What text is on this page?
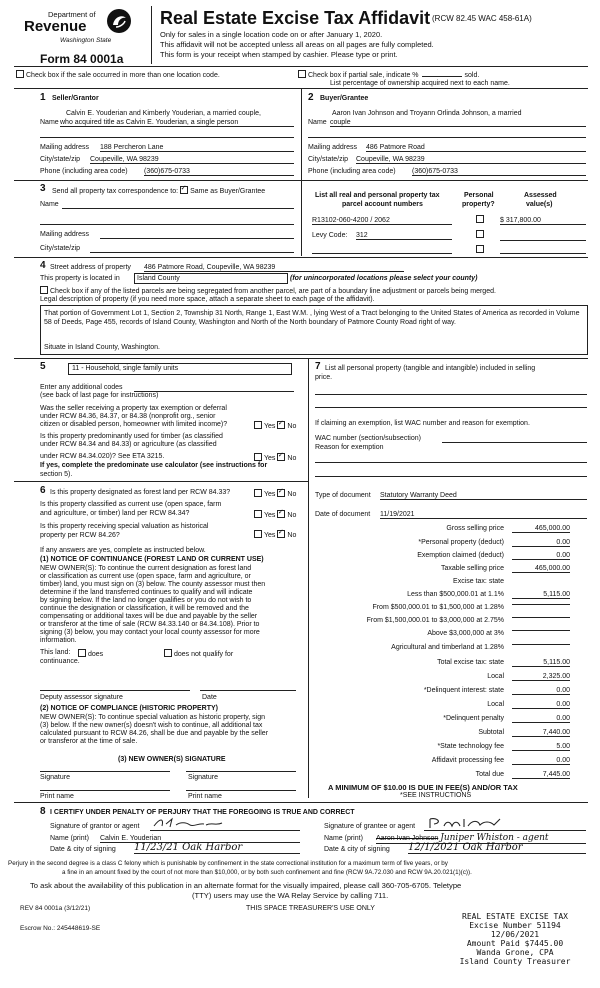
Department of
Revenue
Washington State
Form 84 0001a
Real Estate Excise Tax Affidavit (RCW 82.45 WAC 458-61A)
Only for sales in a single location code on or after January 1, 2020.
This affidavit will not be accepted unless all areas on all pages are fully completed.
This form is your receipt when stamped by cashier. Please type or print.
Check box if the sale occurred in more than one location code.	Check box if partial sale, indicate %	sold.
List percentage of ownership acquired next to each name.
1 Seller/Grantor
Calvin E. Youderian and Kimberly Youderian, a married couple,
Name who acquired title as Calvin E. Youderian, a single person
Mailing address 188 Percheron Lane
City/state/zip Coupeville, WA 98239
Phone (including area code) (360)675-0733
2 Buyer/Grantee
Aaron Ivan Johnson and Troyann Orlinda Johnson, a married
Name couple
Mailing address 486 Patmore Road
City/state/zip Coupeville, WA 98239
Phone (including area code) (360)675-0733
3 Send all property tax correspondence to: ✓ Same as Buyer/Grantee
Name
Mailing address
City/state/zip
List all real and personal property tax
parcel account numbers
Personal
property?
Assessed
value(s)
R13102-060-4200 / 2062	$ 317,800.00
Levy Code: 312
4 Street address of property 486 Patmore Road, Coupeville, WA 98239
This property is located in Island County	(for unincorporated locations please select your county)
Check box if any of the listed parcels are being segregated from another parcel, are part of a boundary line adjustment or parcels being merged.
Legal description of property (if you need more space, attach a separate sheet to each page of the affidavit).
That portion of Government Lot 1, Section 2, Township 31 North, Range 1, East W.M. , lying West of a Tract belonging to the United States of America as recorded in Volume 58 of Deeds, Page 455, records of Island County, Washington and North of the North boundary of Patmore County Road right of way.
Situate in Island County, Washington.
5	11 - Household, single family units
Enter any additional codes
(see back of last page for instructions)
Was the seller receiving a property tax exemption or deferral
under RCW 84.36, 84.37, or 84.38 (nonprofit org., senior
citizen or disabled person, homeowner with limited income)?	Yes ✓ No
Is this property predominantly used for timber (as classified
under RCW 84.34 and 84.33) or agriculture (as classified
under RCW 84.34.020)? See ETA 3215.	Yes ✓ No
If yes, complete the predominate use calculator (see instructions for
section 5).
7 List all personal property (tangible and intangible) included in selling
price.
If claiming an exemption, list WAC number and reason for exemption.
WAC number (section/subsection)
Reason for exemption
Type of document Statutory Warranty Deed
Date of document 11/19/2021
Gross selling price	465,000.00
*Personal property (deduct)	0.00
Exemption claimed (deduct)	0.00
Taxable selling price	465,000.00
Excise tax: state
Less than $500,000.01 at 1.1%	5,115.00
From $500,000.01 to $1,500,000 at 1.28%
From $1,500,000.01 to $3,000,000 at 2.75%
Above $3,000,000 at 3%
Agricultural and timberland at 1.28%
Total excise tax: state	5,115.00
Local	2,325.00
*Delinquent interest: state	0.00
Local	0.00
*Delinquent penalty	0.00
Subtotal	7,440.00
*State technology fee	5.00
Affidavit processing fee	0.00
Total due	7,445.00
A MINIMUM OF $10.00 IS DUE IN FEE(S) AND/OR TAX
*SEE INSTRUCTIONS
6 Is this property designated as forest land per RCW 84.33?	Yes ✓ No
Is this property classified as current use (open space, farm
and agriculture, or timber) land per RCW 84.34?	Yes ✓ No
Is this property receiving special valuation as historical
property per RCW 84.26?	Yes ✓ No
If any answers are yes, complete as instructed below.
(1) NOTICE OF CONTINUANCE (FOREST LAND OR CURRENT USE)
NEW OWNER(S): To continue the current designation as forest land
or classification as current use (open space, farm and agriculture, or
timber) land, you must sign on (3) below. The county assessor must then
determine if the land transferred continues to qualify and will indicate
by signing below. If the land no longer qualifies or you do not wish to
continue the designation or classification, it will be removed and the
compensating or additional taxes will be due and payable by the seller
or transferor at the time of sale (RCW 84.33.140 or 84.34.108). Prior to
signing (3) below, you may contact your local county assessor for more
information.
This land:	does	does not qualify for
continuance.
Deputy assessor signature	Date
(2) NOTICE OF COMPLIANCE (HISTORIC PROPERTY)
NEW OWNER(S): To continue special valuation as historic property, sign
(3) below. If the new owner(s) doesn't wish to continue, all additional tax
calculated pursuant to RCW 84.26, shall be due and payable by the seller
or transferor at the time of sale.
(3) NEW OWNER(S) SIGNATURE
Signature	Signature
Print name	Print name
8 I CERTIFY UNDER PENALTY OF PERJURY THAT THE FOREGOING IS TRUE AND CORRECT
Signature of grantor or agent
Name (print) Calvin E. Youderian
Date & city of signing 11/23/21 Oak Harbor
Signature of grantee or agent
Name (print) Aaron Ivan Johnson Juniper Whiston - agent
Date & city of signing 12/1/2021 Oak Harbor
Perjury in the second degree is a class C felony which is punishable by confinement in the state correctional institution for a maximum term of five years, or by
a fine in an amount fixed by the court of not more than $10,000, or by both such confinement and fine (RCW 9A.72.030 and RCW 9A.20.021(1)(c)).
To ask about the availability of this publication in an alternate format for the visually impaired, please call 360-705-6705. Teletype
(TTY) users may use the WA Relay Service by calling 711.
REV 84 0001a (3/12/21)	THIS SPACE TREASURER'S USE ONLY
Escrow No.: 245448619-SE
REAL ESTATE EXCISE TAX
Excise Number 51194
12/06/2021
Amount Paid $7445.00
Wanda Grone, CPA
Island County Treasurer
